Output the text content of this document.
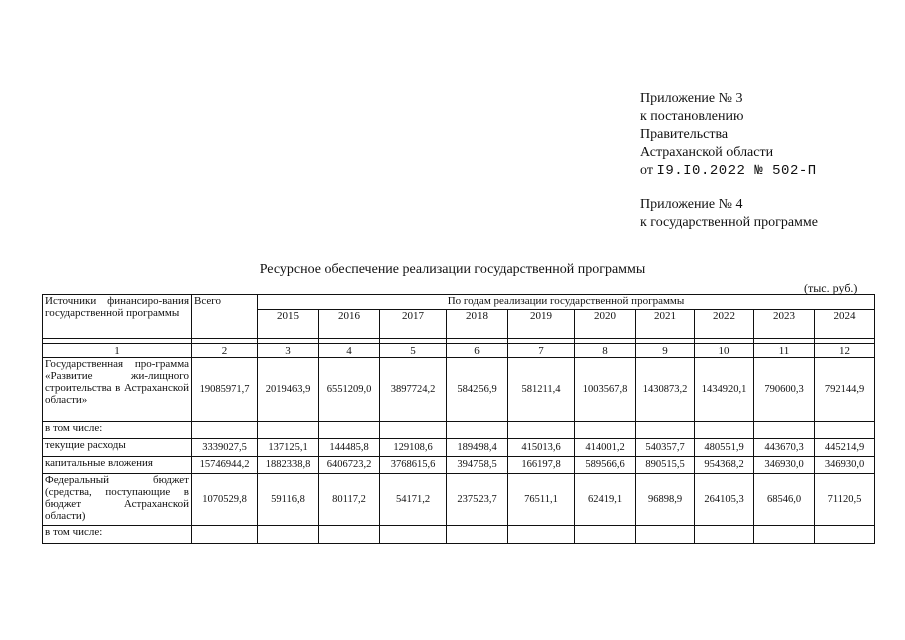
Приложение № 3
к постановлению
Правительства
Астраханской области
от I9.I0.2022 № 502-П
Приложение № 4
к государственной программе
Ресурсное обеспечение реализации государственной программы
(тыс. руб.)
Источники финансиро-вания государственной программы	Всего	По годам реализации государственной программы									
		2015	2016	2017	2018	2019	2020	2021	2022	2023	2024

1	2	3	4	5	6	7	8	9	10	11	12
Государственная про-грамма «Развитие жи-лищного строительства в Астраханской области»	19085971,7	2019463,9	6551209,0	3897724,2	584256,9	581211,4	1003567,8	1430873,2	1434920,1	790600,3	792144,9
в том числе:											
текущие расходы	3339027,5	137125,1	144485,8	129108,6	189498,4	415013,6	414001,2	540357,7	480551,9	443670,3	445214,9
капитальные вложения	15746944,2	1882338,8	6406723,2	3768615,6	394758,5	166197,8	589566,6	890515,5	954368,2	346930,0	346930,0
Федеральный бюджет (средства, поступающие в бюджет Астраханской области)	1070529,8	59116,8	80117,2	54171,2	237523,7	76511,1	62419,1	96898,9	264105,3	68546,0	71120,5
в том числе:											
